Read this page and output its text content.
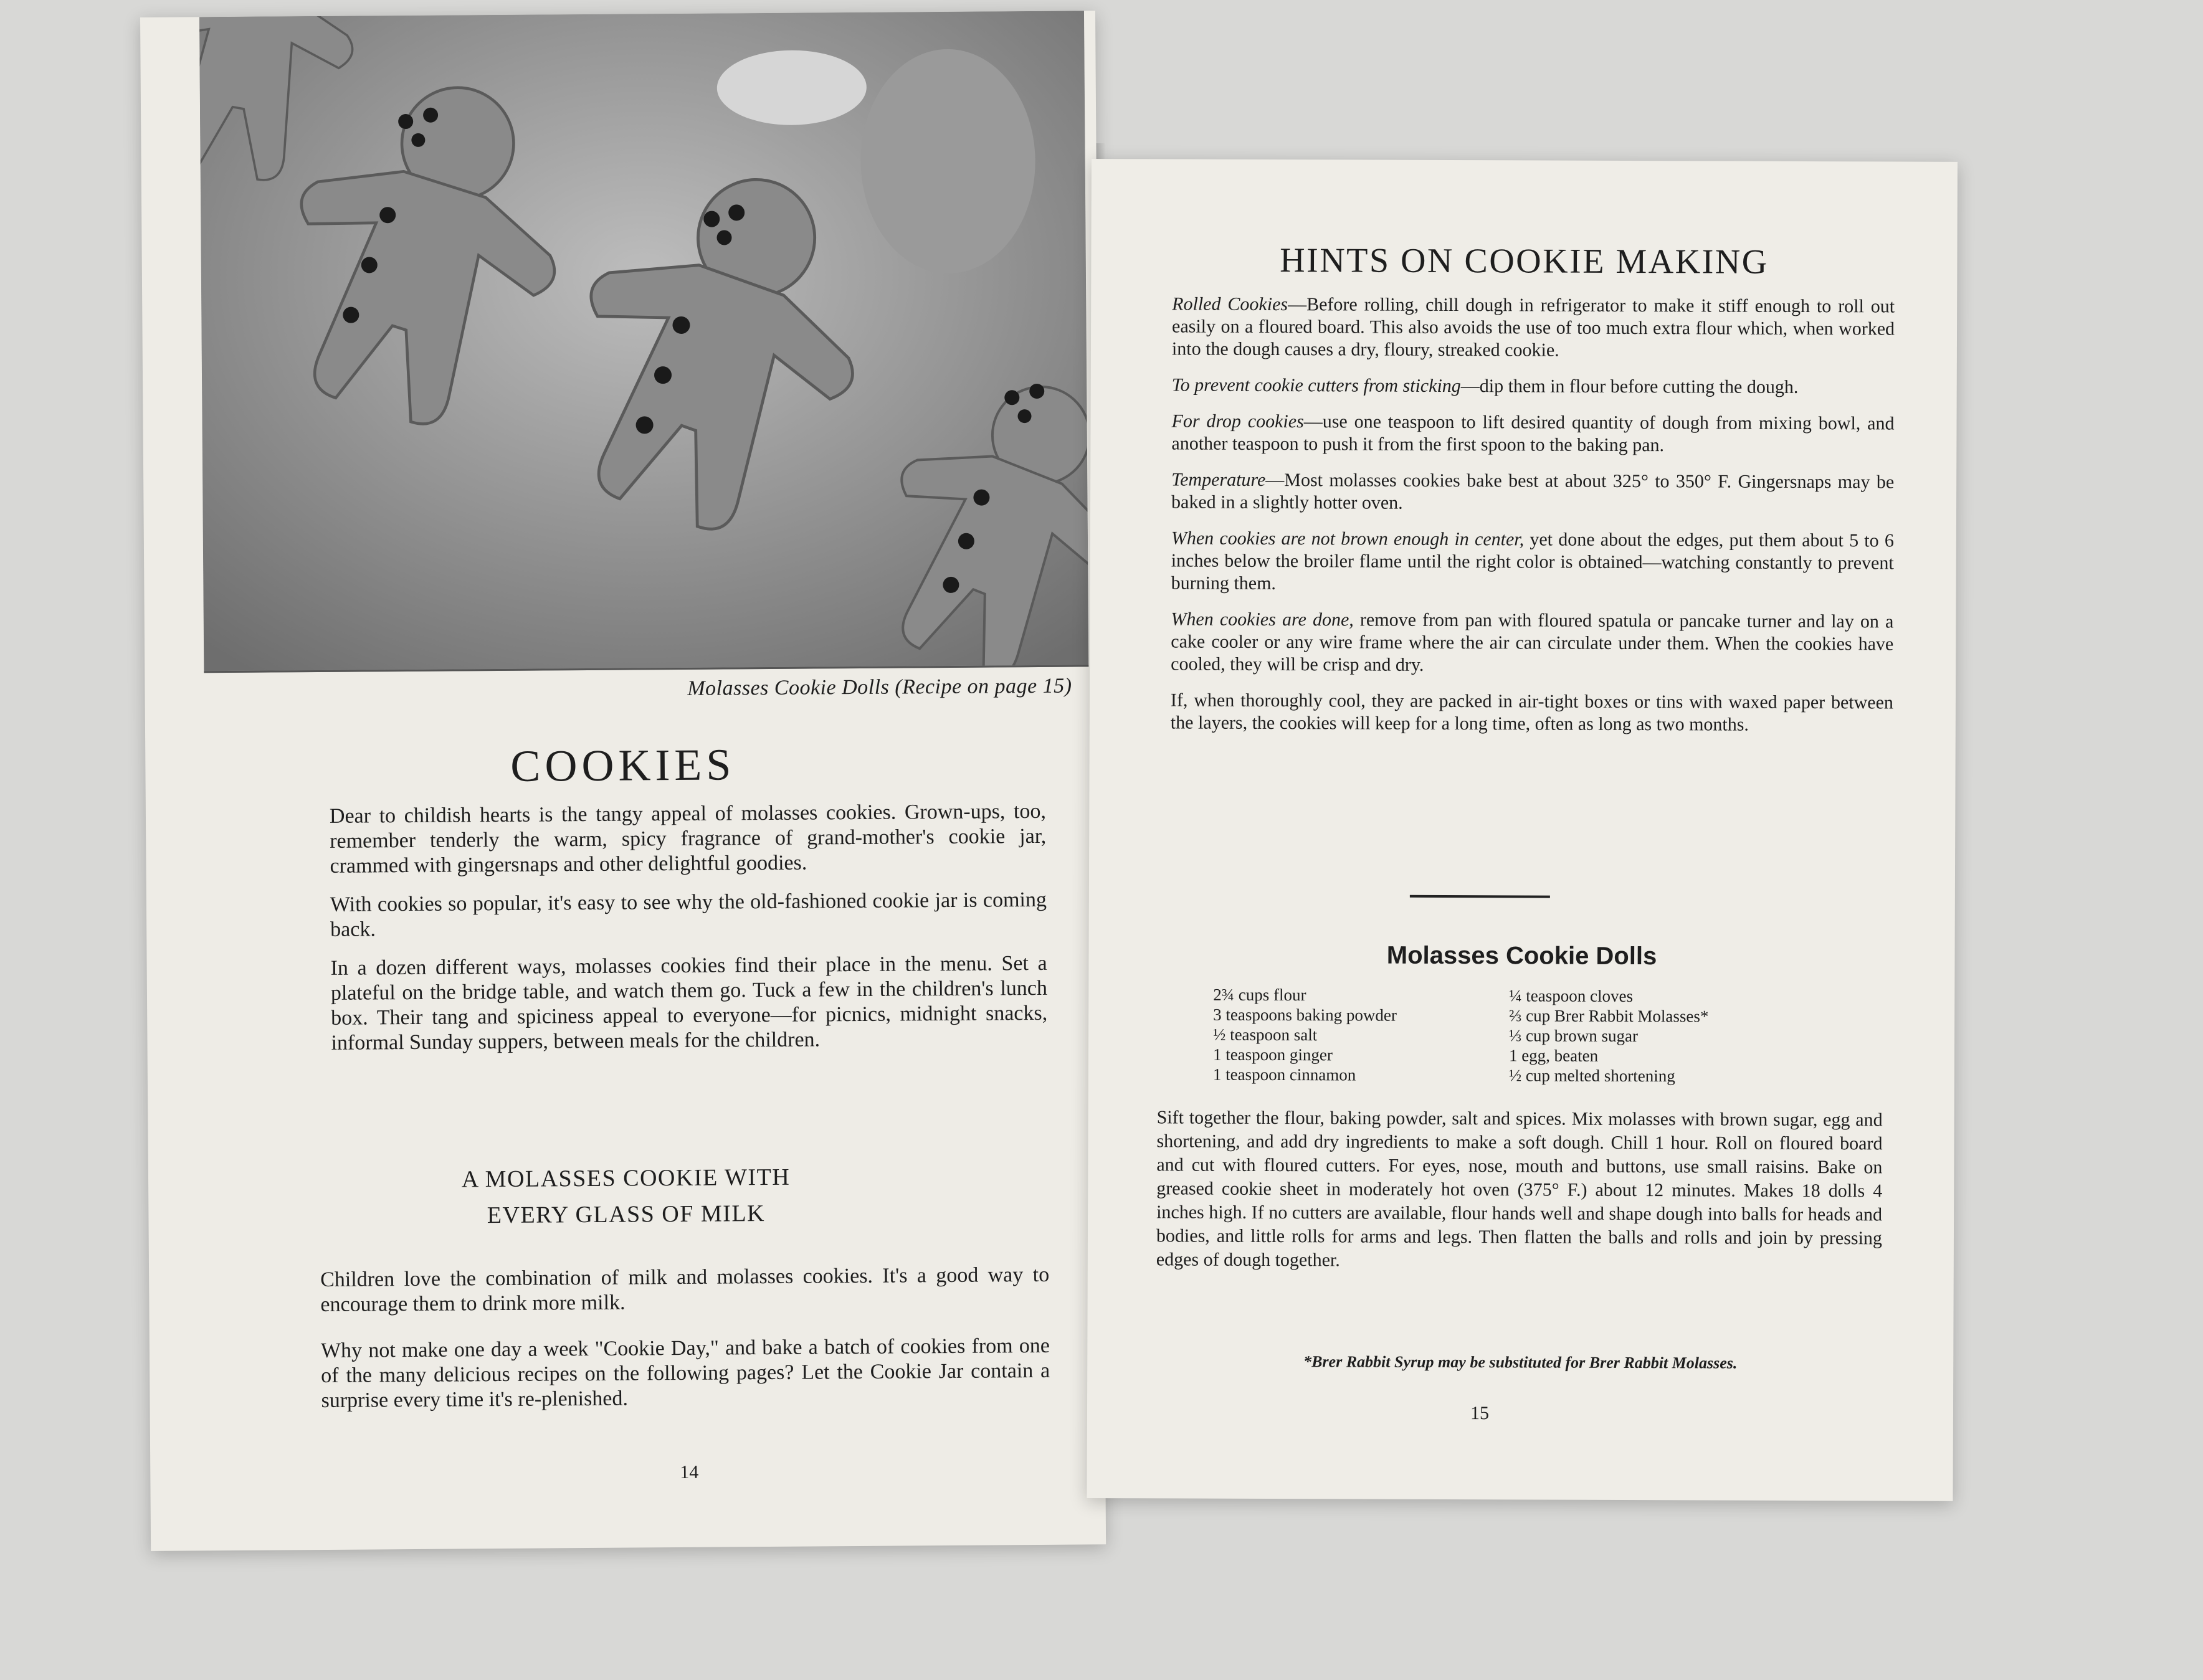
Molasses Cookie Dolls (Recipe on page 15)
COOKIES

Dear to childish hearts is the tangy appeal of molasses cookies. Grown-ups, too, remember tenderly the warm, spicy fragrance of grand-mother's cookie jar, crammed with gingersnaps and other delightful goodies.

With cookies so popular, it's easy to see why the old-fashioned cookie jar is coming back.

In a dozen different ways, molasses cookies find their place in the menu. Set a plateful on the bridge table, and watch them go. Tuck a few in the children's lunch box. Their tang and spiciness appeal to everyone—for picnics, midnight snacks, informal Sunday suppers, between meals for the children.

A MOLASSES COOKIE WITH
EVERY GLASS OF MILK

Children love the combination of milk and molasses cookies. It's a good way to encourage them to drink more milk.

Why not make one day a week "Cookie Day," and bake a batch of cookies from one of the many delicious recipes on the following pages? Let the Cookie Jar contain a surprise every time it's re-plenished.

14
HINTS ON COOKIE MAKING

Rolled Cookies—Before rolling, chill dough in refrigerator to make it stiff enough to roll out easily on a floured board. This also avoids the use of too much extra flour which, when worked into the dough causes a dry, floury, streaked cookie.

To prevent cookie cutters from sticking—dip them in flour before cutting the dough.

For drop cookies—use one teaspoon to lift desired quantity of dough from mixing bowl, and another teaspoon to push it from the first spoon to the baking pan.

Temperature—Most molasses cookies bake best at about 325° to 350° F. Gingersnaps may be baked in a slightly hotter oven.

When cookies are not brown enough in center, yet done about the edges, put them about 5 to 6 inches below the broiler flame until the right color is obtained—watching constantly to prevent burning them.

When cookies are done, remove from pan with floured spatula or pancake turner and lay on a cake cooler or any wire frame where the air can circulate under them. When the cookies have cooled, they will be crisp and dry.

If, when thoroughly cool, they are packed in air-tight boxes or tins with waxed paper between the layers, the cookies will keep for a long time, often as long as two months.

Molasses Cookie Dolls
2¾ cups flour
3 teaspoons baking powder
½ teaspoon salt
1 teaspoon ginger
1 teaspoon cinnamon
¼ teaspoon cloves
⅔ cup Brer Rabbit Molasses*
⅓ cup brown sugar
1 egg, beaten
½ cup melted shortening
Sift together the flour, baking powder, salt and spices. Mix molasses with brown sugar, egg and shortening, and add dry ingredients to make a soft dough. Chill 1 hour. Roll on floured board and cut with floured cutters. For eyes, nose, mouth and buttons, use small raisins. Bake on greased cookie sheet in moderately hot oven (375° F.) about 12 minutes. Makes 18 dolls 4 inches high. If no cutters are available, flour hands well and shape dough into balls for heads and bodies, and little rolls for arms and legs. Then flatten the balls and rolls and join by pressing edges of dough together.
*Brer Rabbit Syrup may be substituted for Brer Rabbit Molasses.
15
